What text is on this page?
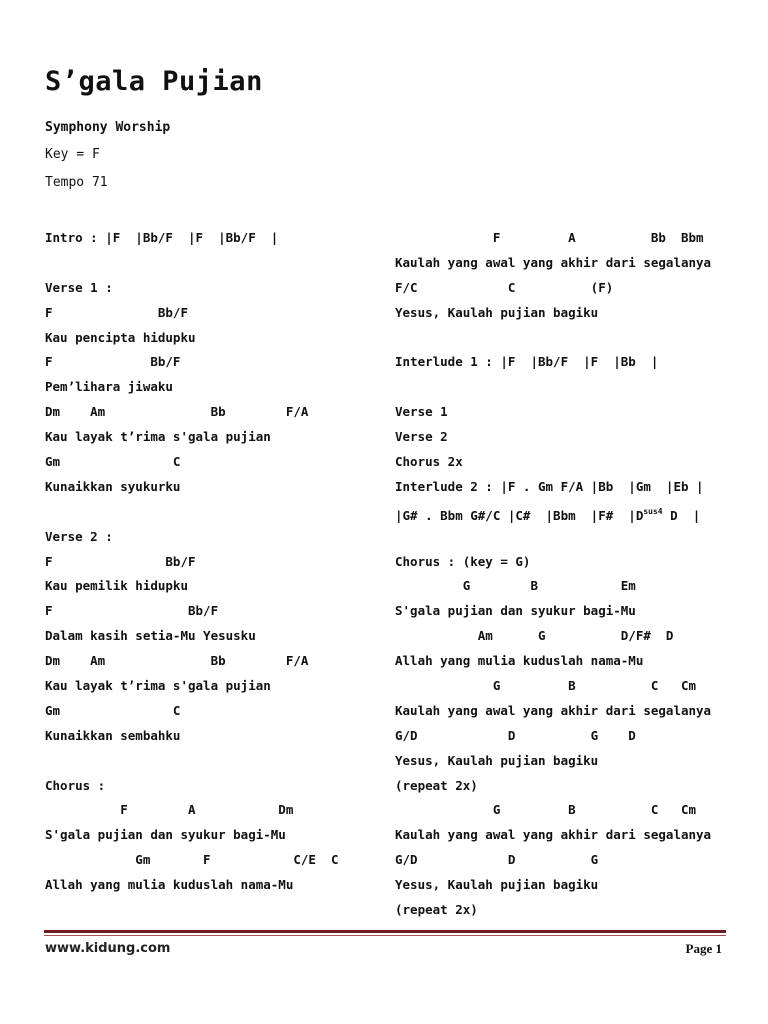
S’gala Pujian
Symphony Worship
Key = F
Tempo 71
Intro : |F  |Bb/F  |F  |Bb/F  |
Verse 1 :
F              Bb/F
Kau pencipta hidupku
F             Bb/F
Pem’lihara jiwaku
Dm    Am              Bb        F/A
Kau layak t’rima s'gala pujian
Gm               C
Kunaikkan syukurku
Verse 2 :
F               Bb/F
Kau pemilik hidupku
F                  Bb/F
Dalam kasih setia-Mu Yesusku
Dm    Am              Bb        F/A
Kau layak t’rima s'gala pujian
Gm               C
Kunaikkan sembahku
Chorus :
F        A           Dm
S'gala pujian dan syukur bagi-Mu
Gm       F           C/E  C
Allah yang mulia kuduslah nama-Mu
F         A          Bb  Bbm
Kaulah yang awal yang akhir dari segalanya
F/C            C          (F)
Yesus, Kaulah pujian bagiku
Interlude 1 : |F  |Bb/F  |F  |Bb  |
Verse 1
Verse 2
Chorus 2x
Interlude 2 : |F . Gm F/A |Bb  |Gm  |Eb |
|G# . Bbm G#/C |C#  |Bbm  |F#  $|D^{sus4}$ D  |
Chorus : (key = G)
G        B           Em
S'gala pujian dan syukur bagi-Mu
Am      G          D/F#  D
Allah yang mulia kuduslah nama-Mu
G         B          C   Cm
Kaulah yang awal yang akhir dari segalanya
G/D            D          G    D
Yesus, Kaulah pujian bagiku
(repeat 2x)
G         B          C   Cm
Kaulah yang awal yang akhir dari segalanya
G/D            D          G
Yesus, Kaulah pujian bagiku
(repeat 2x)
www.kidung.com	Page 1
